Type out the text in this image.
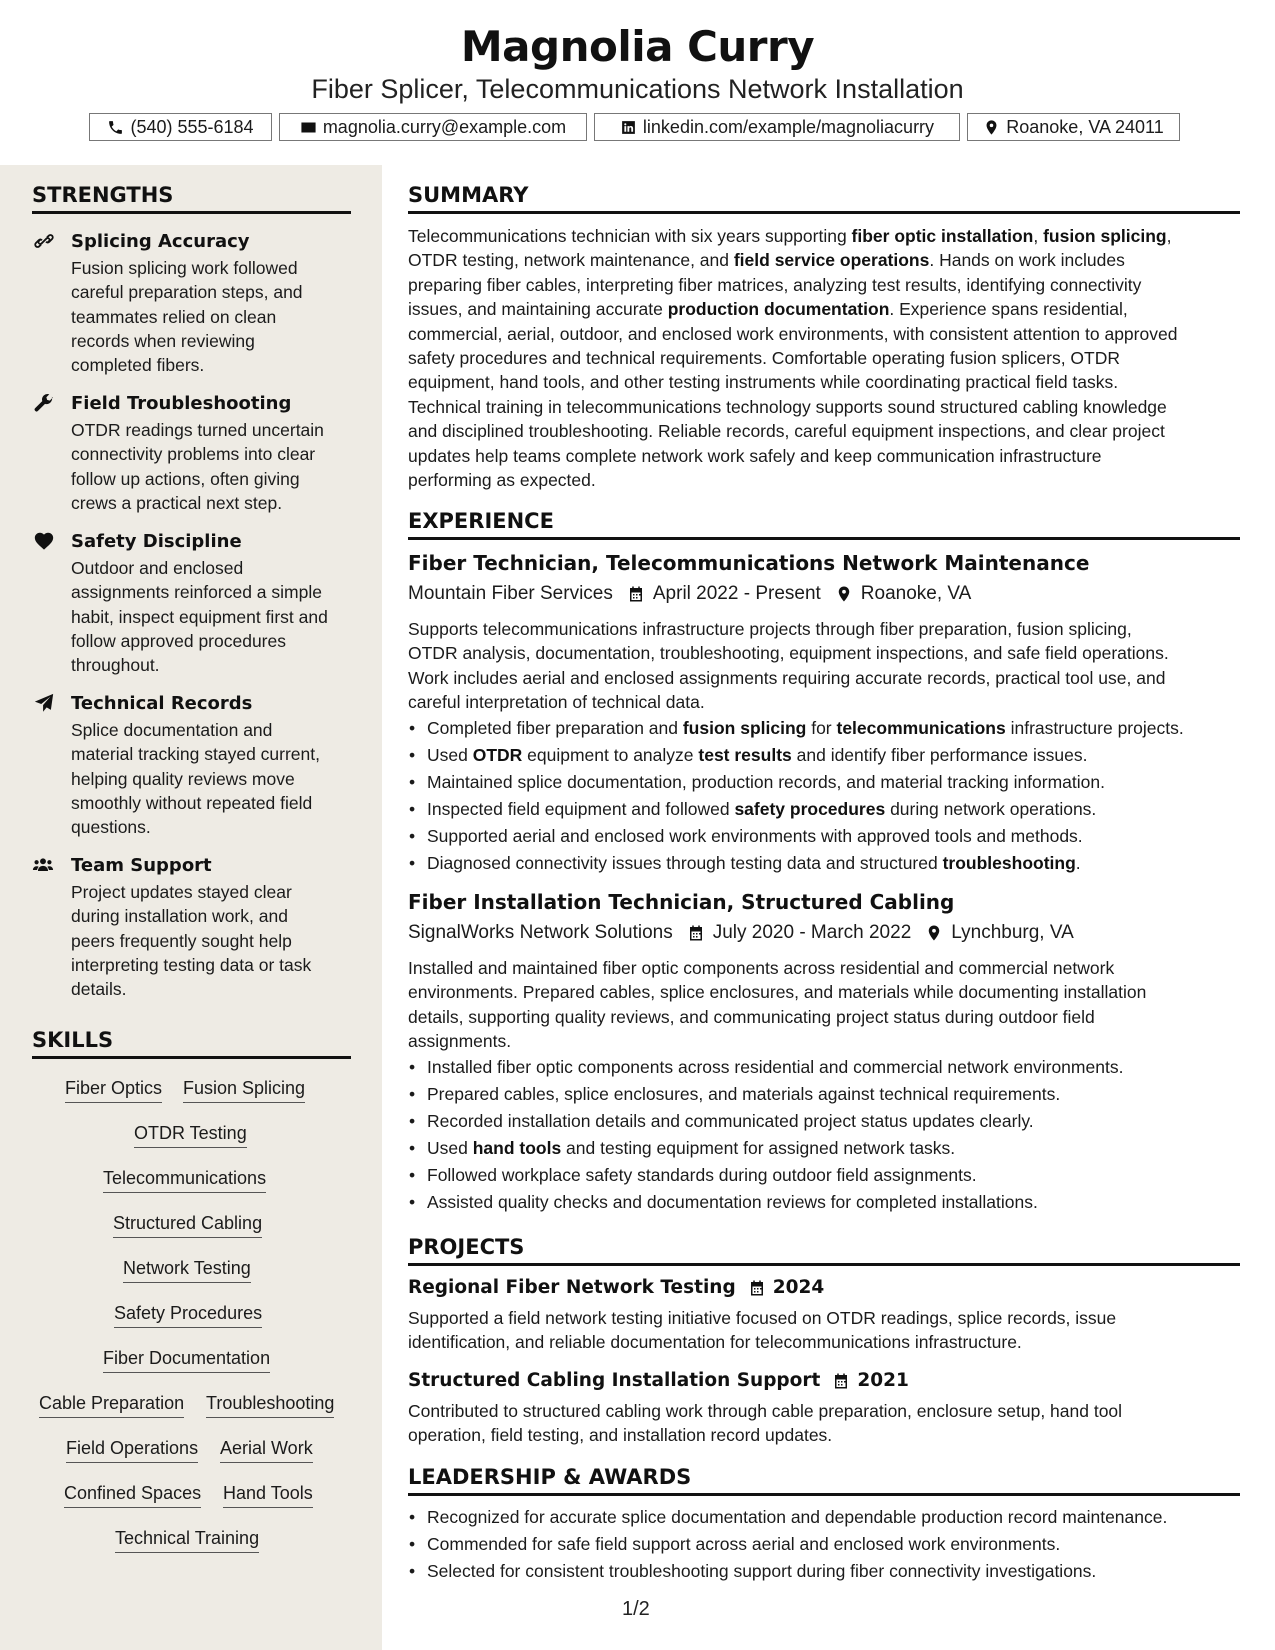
Magnolia Curry
Fiber Splicer, Telecommunications Network Installation
(540) 555-6184	magnolia.curry@example.com	linkedin.com/example/magnoliacurry	Roanoke, VA 24011
STRENGTHS
Splicing Accuracy
Fusion splicing work followed
careful preparation steps, and
teammates relied on clean
records when reviewing
completed fibers.
Field Troubleshooting
OTDR readings turned uncertain
connectivity problems into clear
follow up actions, often giving
crews a practical next step.
Safety Discipline
Outdoor and enclosed
assignments reinforced a simple
habit, inspect equipment first and
follow approved procedures
throughout.
Technical Records
Splice documentation and
material tracking stayed current,
helping quality reviews move
smoothly without repeated field
questions.
Team Support
Project updates stayed clear
during installation work, and
peers frequently sought help
interpreting testing data or task
details.
SKILLS
Fiber Optics Fusion Splicing
OTDR Testing
Telecommunications
Structured Cabling
Network Testing
Safety Procedures
Fiber Documentation
Cable Preparation Troubleshooting
Field Operations Aerial Work
Confined Spaces Hand Tools
Technical Training
SUMMARY
Telecommunications technician with six years supporting fiber optic installation, fusion splicing,
OTDR testing, network maintenance, and field service operations. Hands on work includes
preparing fiber cables, interpreting fiber matrices, analyzing test results, identifying connectivity
issues, and maintaining accurate production documentation. Experience spans residential,
commercial, aerial, outdoor, and enclosed work environments, with consistent attention to approved
safety procedures and technical requirements. Comfortable operating fusion splicers, OTDR
equipment, hand tools, and other testing instruments while coordinating practical field tasks.
Technical training in telecommunications technology supports sound structured cabling knowledge
and disciplined troubleshooting. Reliable records, careful equipment inspections, and clear project
updates help teams complete network work safely and keep communication infrastructure
performing as expected.
EXPERIENCE
Fiber Technician, Telecommunications Network Maintenance
Mountain Fiber Services April 2022 - Present Roanoke, VA
Supports telecommunications infrastructure projects through fiber preparation, fusion splicing,
OTDR analysis, documentation, troubleshooting, equipment inspections, and safe field operations.
Work includes aerial and enclosed assignments requiring accurate records, practical tool use, and
careful interpretation of technical data.
• Completed fiber preparation and fusion splicing for telecommunications infrastructure projects.
• Used OTDR equipment to analyze test results and identify fiber performance issues.
• Maintained splice documentation, production records, and material tracking information.
• Inspected field equipment and followed safety procedures during network operations.
• Supported aerial and enclosed work environments with approved tools and methods.
• Diagnosed connectivity issues through testing data and structured troubleshooting.
Fiber Installation Technician, Structured Cabling
SignalWorks Network Solutions July 2020 - March 2022 Lynchburg, VA
Installed and maintained fiber optic components across residential and commercial network
environments. Prepared cables, splice enclosures, and materials while documenting installation
details, supporting quality reviews, and communicating project status during outdoor field
assignments.
• Installed fiber optic components across residential and commercial network environments.
• Prepared cables, splice enclosures, and materials against technical requirements.
• Recorded installation details and communicated project status updates clearly.
• Used hand tools and testing equipment for assigned network tasks.
• Followed workplace safety standards during outdoor field assignments.
• Assisted quality checks and documentation reviews for completed installations.
PROJECTS
Regional Fiber Network Testing 2024
Supported a field network testing initiative focused on OTDR readings, splice records, issue
identification, and reliable documentation for telecommunications infrastructure.
Structured Cabling Installation Support 2021
Contributed to structured cabling work through cable preparation, enclosure setup, hand tool
operation, field testing, and installation record updates.
LEADERSHIP & AWARDS
• Recognized for accurate splice documentation and dependable production record maintenance.
• Commended for safe field support across aerial and enclosed work environments.
• Selected for consistent troubleshooting support during fiber connectivity investigations.
1/2
